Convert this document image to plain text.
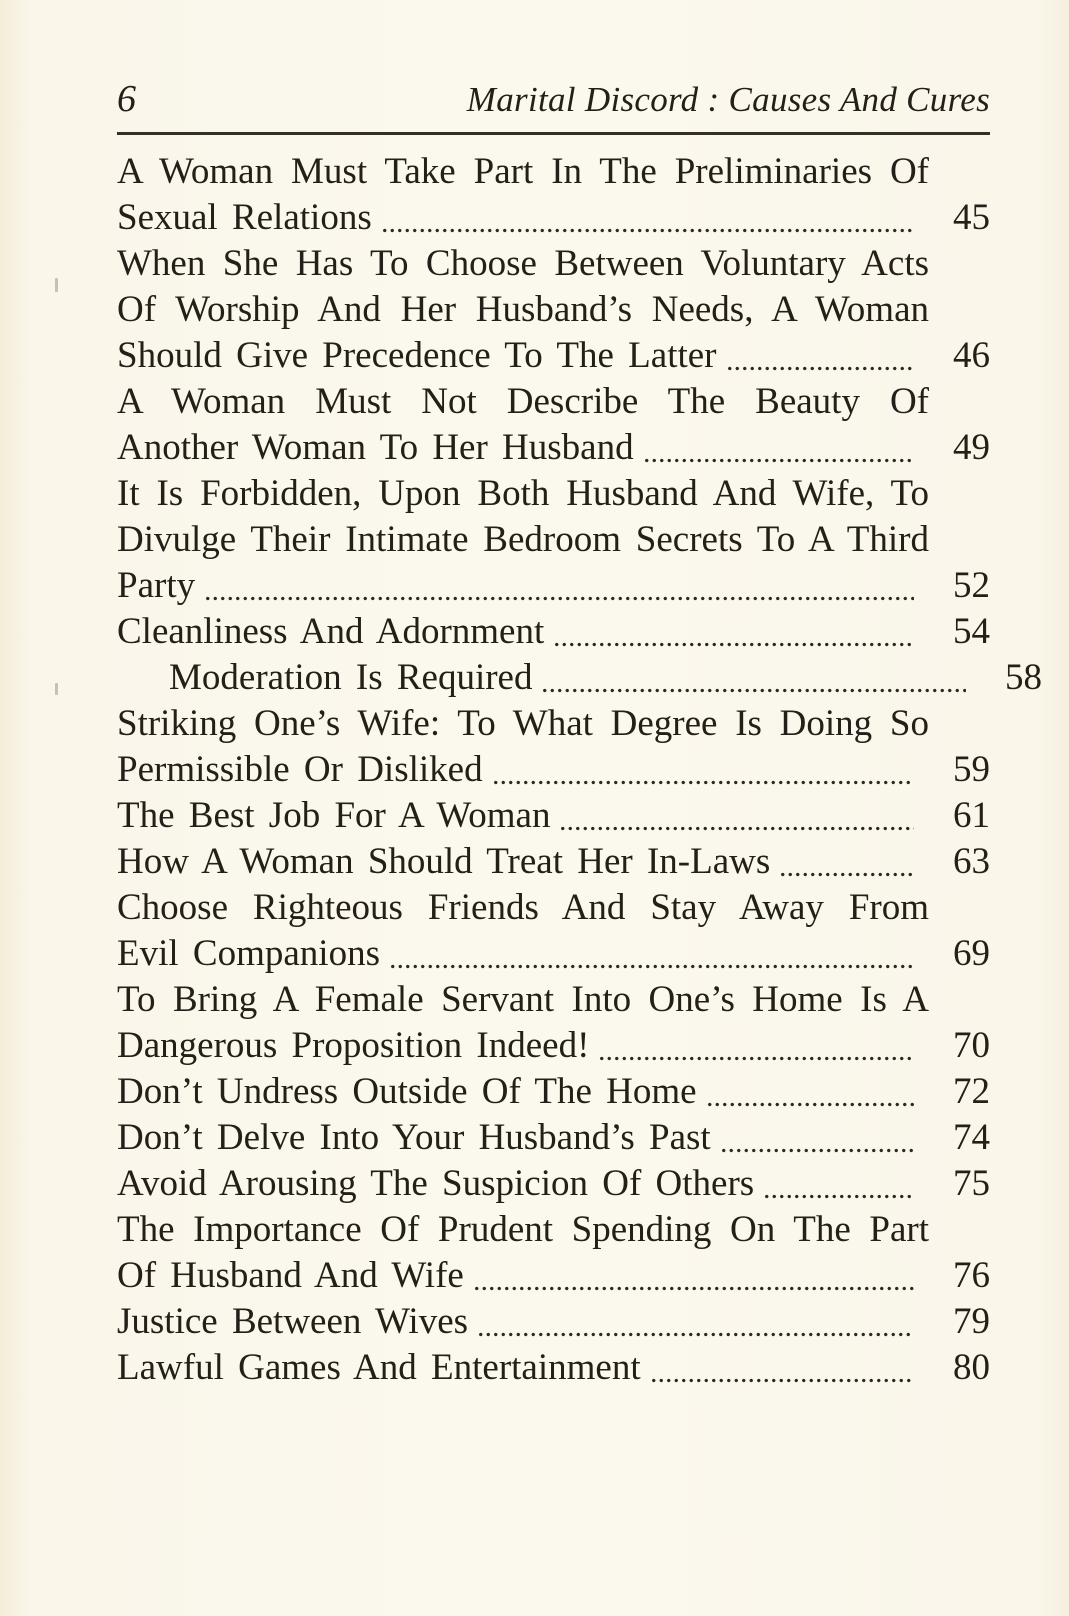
6	Marital Discord : Causes And Cures
A Woman Must Take Part In The Preliminaries Of
Sexual Relations	45
When She Has To Choose Between Voluntary Acts
Of Worship And Her Husband’s Needs, A Woman
Should Give Precedence To The Latter	46
A Woman Must Not Describe The Beauty Of
Another Woman To Her Husband	49
It Is Forbidden, Upon Both Husband And Wife, To
Divulge Their Intimate Bedroom Secrets To A Third
Party	52
Cleanliness And Adornment	54
Moderation Is Required	58
Striking One’s Wife: To What Degree Is Doing So
Permissible Or Disliked	59
The Best Job For A Woman	61
How A Woman Should Treat Her In-Laws	63
Choose Righteous Friends And Stay Away From
Evil Companions	69
To Bring A Female Servant Into One’s Home Is A
Dangerous Proposition Indeed!	70
Don’t Undress Outside Of The Home	72
Don’t Delve Into Your Husband’s Past	74
Avoid Arousing The Suspicion Of Others	75
The Importance Of Prudent Spending On The Part
Of Husband And Wife	76
Justice Between Wives	79
Lawful Games And Entertainment	80
